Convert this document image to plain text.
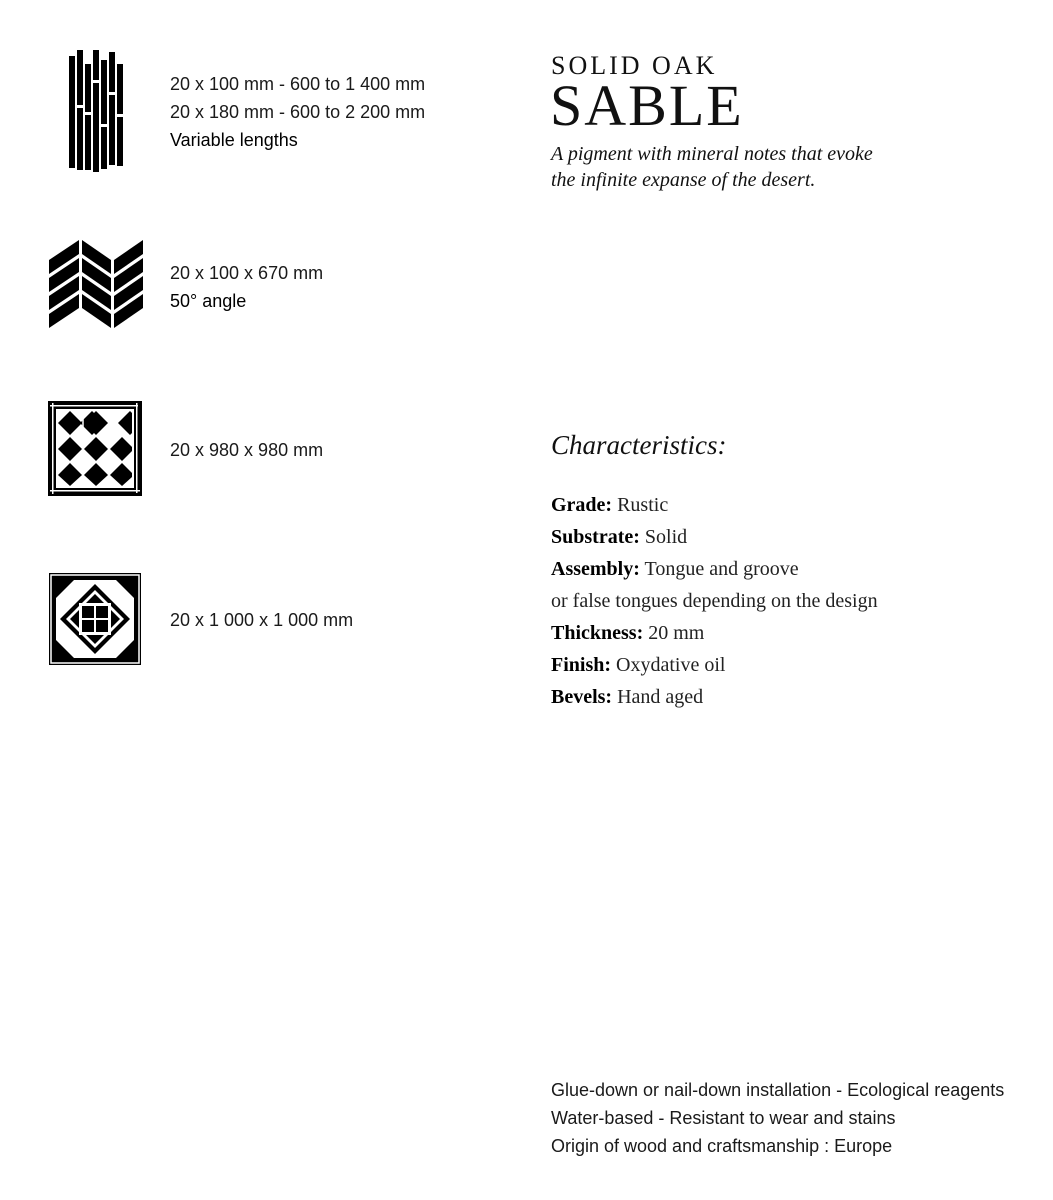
20 x 100 mm - 600 to 1 400 mm
20 x 180 mm - 600 to 2 200 mm
Variable lengths
20 x 100 x 670 mm
50° angle
20 x 980 x 980 mm
20 x 1 000 x 1 000 mm
SOLID OAK
SABLE
A pigment with mineral notes that evoke
the infinite expanse of the desert.
Characteristics:
Grade: Rustic
Substrate: Solid
Assembly: Tongue and groove
or false tongues depending on the design
Thickness: 20 mm
Finish: Oxydative oil
Bevels: Hand aged
Glue-down or nail-down installation - Ecological reagents
Water-based - Resistant to wear and stains
Origin of wood and craftsmanship : Europe
